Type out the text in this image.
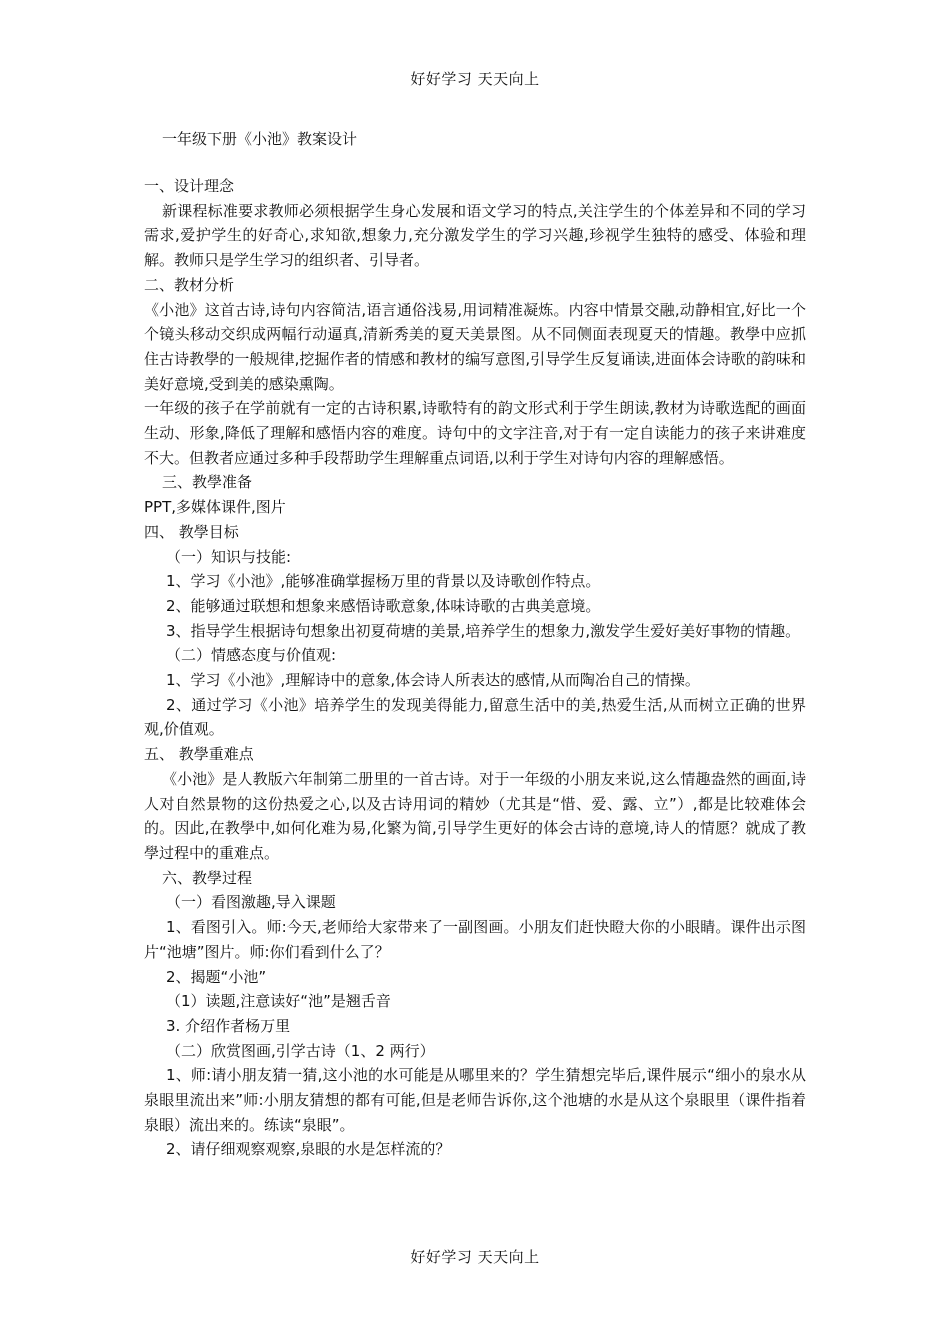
好好学习 天天向上
一年级下册《小池》教案设计

一、设计理念

新课程标准要求教师必须根据学生身心发展和语文学习的特点,关注学生的个体差异和不同的学习需求,爱护学生的好奇心,求知欲,想象力,充分激发学生的学习兴趣,珍视学生独特的感受、体验和理解。教师只是学生学习的组织者、引导者。

二、教材分析

《小池》这首古诗,诗句内容简洁,语言通俗浅易,用词精准凝炼。内容中情景交融,动静相宜,好比一个个镜头移动交织成两幅行动逼真,清新秀美的夏天美景图。从不同侧面表现夏天的情趣。教學中应抓住古诗教學的一般规律,挖掘作者的情感和教材的编写意图,引导学生反复诵读,进面体会诗歌的韵味和美好意境,受到美的感染熏陶。

一年级的孩子在学前就有一定的古诗积累,诗歌特有的韵文形式利于学生朗读,教材为诗歌选配的画面生动、形象,降低了理解和感悟内容的难度。诗句中的文字注音,对于有一定自读能力的孩子来讲难度不大。但教者应通过多种手段帮助学生理解重点词语,以利于学生对诗句内容的理解感悟。

三、教學准备

PPT,多媒体课件,图片

四、 教學目标

（一）知识与技能:

1、学习《小池》,能够准确掌握杨万里的背景以及诗歌创作特点。

2、能够通过联想和想象来感悟诗歌意象,体味诗歌的古典美意境。

3、指导学生根据诗句想象出初夏荷塘的美景,培养学生的想象力,激发学生爱好美好事物的情趣。

（二）情感态度与价值观:

1、学习《小池》,理解诗中的意象,体会诗人所表达的感情,从而陶冶自己的情操。

2、通过学习《小池》培养学生的发现美得能力,留意生活中的美,热爱生活,从而树立正确的世界观,价值观。

五、 教學重难点

《小池》是人教版六年制第二册里的一首古诗。对于一年级的小朋友来说,这么情趣盎然的画面,诗人对自然景物的这份热爱之心,以及古诗用词的精妙（尤其是“惜、爱、露、立”）,都是比较难体会的。因此,在教學中,如何化难为易,化繁为简,引导学生更好的体会古诗的意境,诗人的情愿？就成了教學过程中的重难点。

六、教學过程

（一）看图激趣,导入课题

1、看图引入。师:今天,老师给大家带来了一副图画。小朋友们赶快瞪大你的小眼睛。课件出示图片“池塘”图片。师:你们看到什么了？

2、揭题“小池”

（1）读题,注意读好“池”是翘舌音

3. 介绍作者杨万里

（二）欣赏图画,引学古诗（1、2 两行）

1、师:请小朋友猜一猜,这小池的水可能是从哪里来的？学生猜想完毕后,课件展示“细小的泉水从泉眼里流出来”师:小朋友猜想的都有可能,但是老师告诉你,这个池塘的水是从这个泉眼里（课件指着泉眼）流出来的。练读“泉眼”。

2、请仔细观察观察,泉眼的水是怎样流的？

好好学习 天天向上
